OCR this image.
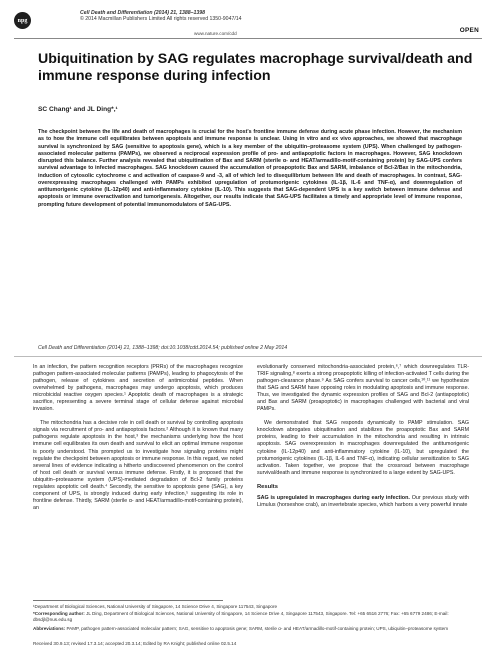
npg
Cell Death and Differentiation (2014) 21, 1388–1398
© 2014 Macmillan Publishers Limited All rights reserved 1350-9047/14
OPEN
www.nature.com/cdd
Ubiquitination by SAG regulates macrophage survival/death and immune response during infection
SC Chang¹ and JL Ding*,¹
The checkpoint between the life and death of macrophages is crucial for the host's frontline immune defense during acute phase infection. However, the mechanism as to how the immune cell equilibrates between apoptosis and immune response is unclear. Using in vitro and ex vivo approaches, we showed that macrophage survival is synchronized by SAG (sensitive to apoptosis gene), which is a key member of the ubiquitin–proteasome system (UPS). When challenged by pathogen-associated molecular patterns (PAMPs), we observed a reciprocal expression profile of pro- and antiapoptotic factors in macrophages. However, SAG knockdown disrupted this balance. Further analysis revealed that ubiquitination of Bax and SARM (sterile α- and HEAT/armadillo-motif-containing protein) by SAG-UPS confers survival advantage to infected macrophages. SAG knockdown caused the accumulation of proapoptotic Bax and SARM, imbalance of Bcl-2/Bax in the mitochondria, induction of cytosolic cytochrome c and activation of caspase-9 and -3, all of which led to disequilibrium between life and death of macrophages. In contrast, SAG-overexpressing macrophages challenged with PAMPs exhibited upregulation of protumorigenic cytokines (IL-1β, IL-6 and TNF-α), and downregulation of antitumorigenic cytokine (IL-12p40) and anti-inflammatory cytokine (IL-10). This suggests that SAG-dependent UPS is a key switch between immune defense and apoptosis or immune overactivation and tumorigenesis. Altogether, our results indicate that SAG-UPS facilitates a timely and appropriate level of immune response, prompting future development of potential immunomodulators of SAG-UPS.
Cell Death and Differentiation (2014) 21, 1388–1398; doi:10.1038/cdd.2014.54; published online 2 May 2014

In an infection, the pattern recognition receptors (PRRs) of the macrophages recognize pathogen pattern-associated molecular patterns (PAMPs), leading to phagocytosis of the pathogen, release of cytokines and secretion of antimicrobial peptides. When overwhelmed by pathogens, macrophages may undergo apoptosis, which produces microbicidal reactive oxygen species.¹ Apoptotic death of macrophages is a strategic sacrifice, representing a severe terminal stage of cellular defense against microbial invasion.

The mitochondria has a decisive role in cell death or survival by controlling apoptosis signals via recruitment of pro- and antiapoptosis factors.² Although it is known that many pathogens regulate apoptosis in the host,³ the mechanisms underlying how the host immune cell equilibrates its own death and survival to elicit an optimal immune response is poorly understood. This prompted us to investigate how signaling proteins might regulate the checkpoint between apoptosis or immune response. In this regard, we noted several lines of evidence indicating a hitherto undiscovered phenomenon on the control of host cell death or survival versus immune defense. Firstly, it is proposed that the ubiquitin–proteasome system (UPS)-mediated degradation of Bcl-2 family proteins regulates apoptotic cell death.⁴ Secondly, the sensitive to apoptosis gene (SAG), a key component of UPS, is strongly induced during early infection,⁵ suggesting its role in frontline defense. Thirdly, SARM (sterile α- and HEAT/armadillo-motif-containing protein), an

evolutionarily conserved mitochondria-associated protein,⁶,⁷ which downregulates TLR-TRIF signaling,⁸ exerts a strong proapoptotic killing of infection-activated T cells during the pathogen-clearance phase.⁹ As SAG confers survival to cancer cells,¹⁰,¹¹ we hypothesize that SAG and SARM have opposing roles in modulating apoptosis and immune response. Thus, we investigated the dynamic expression profiles of SAG and Bcl-2 (antiapoptotic) and Bax and SARM (proapoptotic) in macrophages challenged with bacterial and viral PAMPs.

We demonstrated that SAG responds dynamically to PAMP stimulation. SAG knockdown abrogates ubiquitination and stabilizes the proapoptotic Bax and SARM proteins, leading to their accumulation in the mitochondria and resulting in intrinsic apoptosis. SAG overexpression in macrophages downregulated the antitumorigenic cytokine (IL-12p40) and anti-inflammatory cytokine (IL-10), but upregulated the protumorigenic cytokines (IL-1β, IL-6 and TNF-α), indicating cellular sensitization to SAG activation. Taken together, we propose that the crossroad between macrophage survival/death and immune response is synchronized to a large extent by SAG-UPS.

Results
SAG is upregulated in macrophages during early infection. Our previous study with Limulus (horseshoe crab), an invertebrate species, which harbors a very powerful innate
¹Department of Biological Sciences, National University of Singapore, 14 Science Drive 4, Singapore 117543, Singapore
*Corresponding author: JL Ding, Department of Biological Sciences, National University of Singapore, 14 Science Drive 4, Singapore 117543, Singapore. Tel: +65 6516 2776; Fax: +65 6779 2486; E-mail: dbsdjl@nus.edu.sg
Abbreviations: PAMP, pathogen pattern-associated molecular pattern; SAG, sensitive to apoptosis gene; SARM, sterile α- and HEAT/armadillo-motif-containing protein; UPS, ubiquitin–proteasome system
Received 30.9.13; revised 17.3.14; accepted 20.3.14; Edited by RA Knight; published online 02.5.14
